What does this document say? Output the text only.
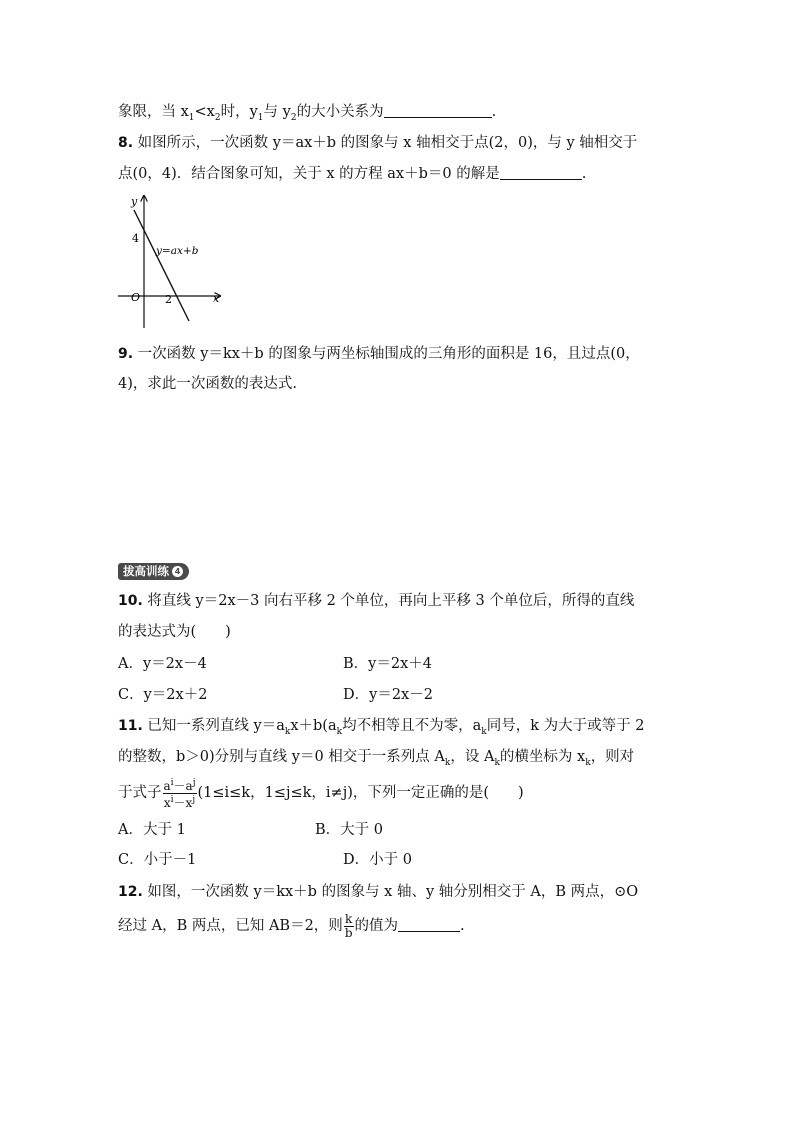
象限，当 $x_1<x_2$时，$y_1$与 $y_2$的大小关系为	.
8. 如图所示，一次函数 y＝ax＋b 的图象与 x 轴相交于点(2，0)，与 y 轴相交于
点(0，4)．结合图象可知，关于 x 的方程 ax＋b＝0 的解是	.
y
x
O
4
2
y=ax+b
9. 一次函数 y＝kx＋b 的图象与两坐标轴围成的三角形的面积是 16，且过点(0，
4)，求此一次函数的表达式.
拔高训练 4
10. 将直线 y＝2x－3 向右平移 2 个单位，再向上平移 3 个单位后，所得的直线
的表达式为(　　)
A．y＝2x－4	B．y＝2x＋4
C．y＝2x＋2	D．y＝2x－2
11. 已知一系列直线 $y=a_kx+b(a_k$均不相等且不为零，$a_k$同号，k 为大于或等于 2
的整数，b＞0)分别与直线 y＝0 相交于一系列点 $A_k$，设 $A_k$的横坐标为 $x_k$，则对
于式子 $\frac{a^i-a^j}{x^i-x^j} (1\le i\le k$，1≤j≤k，i≠j)，下列一定正确的是(　　)
A．大于 1	B．大于 0
C．小于－1	D．小于 0
12. 如图，一次函数 y＝kx＋b 的图象与 x 轴、y 轴分别相交于 A，B 两点，⊙O
经过 A，B 两点，已知 AB＝2，则 $\frac{k}{b}$ 的值为	.
